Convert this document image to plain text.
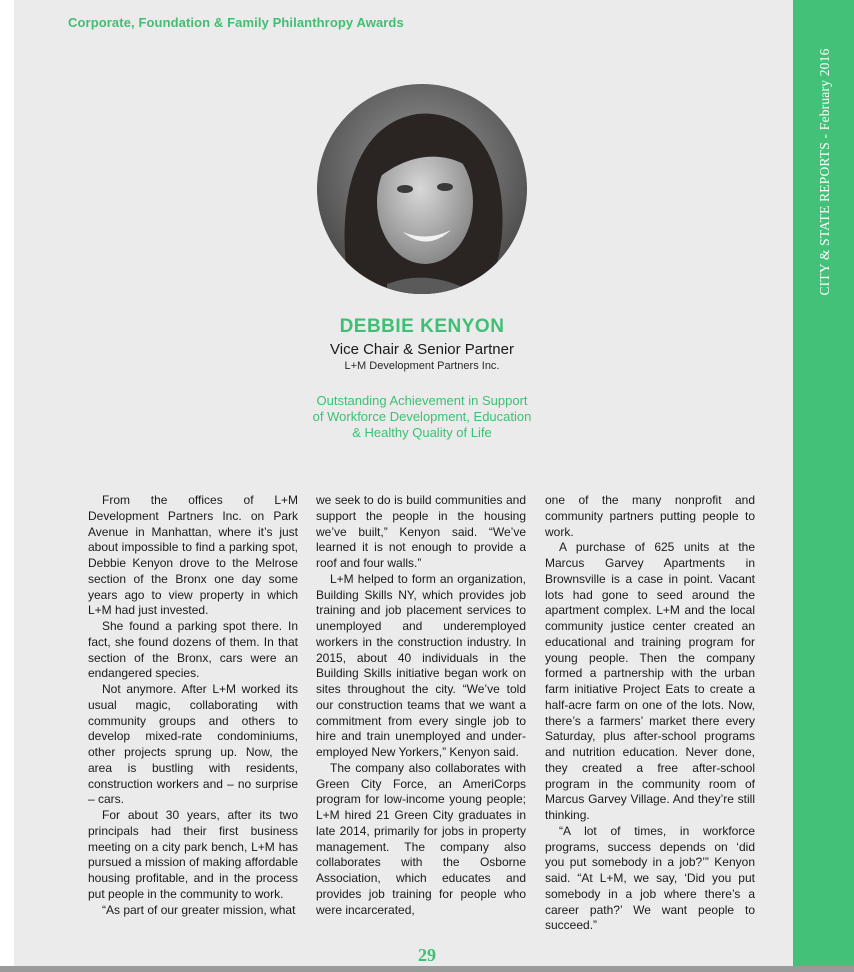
Corporate, Foundation & Family Philanthropy Awards
CITY & STATE REPORTS - February 2016
DEBBIE KENYON
Vice Chair & Senior Partner
L+M Development Partners Inc.
Outstanding Achievement in Support
of Workforce Development, Education
& Healthy Quality of Life

From the offices of L+M Development Partners Inc. on Park Avenue in Manhattan, where it’s just about impossible to find a parking spot, Debbie Kenyon drove to the Melrose section of the Bronx one day some years ago to view property in which L+M had just invested.

She found a parking spot there. In fact, she found dozens of them. In that section of the Bronx, cars were an endangered species.

Not anymore. After L+M worked its usual magic, collaborating with community groups and others to develop mixed-rate condominiums, other projects sprung up. Now, the area is bustling with residents, construction workers and – no surprise – cars.

For about 30 years, after its two principals had their first business meeting on a city park bench, L+M has pursued a mission of making affordable housing profitable, and in the process put people in the community to work.

“As part of our greater mission, what

we seek to do is build communities and support the people in the housing we’ve built,” Kenyon said. “We’ve learned it is not enough to provide a roof and four walls.”

L+M helped to form an organization, Building Skills NY, which provides job training and job placement services to unemployed and underemployed workers in the construction industry. In 2015, about 40 individuals in the Building Skills initiative began work on sites throughout the city. “We’ve told our construction teams that we want a commitment from every single job to hire and train unemployed and under-employed New Yorkers,” Kenyon said.

The company also collaborates with Green City Force, an AmeriCorps program for low-income young people; L+M hired 21 Green City graduates in late 2014, primarily for jobs in property management. The company also collaborates with the Osborne Association, which educates and provides job training for people who were incarcerated,

one of the many nonprofit and community partners putting people to work.

A purchase of 625 units at the Marcus Garvey Apartments in Brownsville is a case in point. Vacant lots had gone to seed around the apartment complex. L+M and the local community justice center created an educational and training program for young people. Then the company formed a partnership with the urban farm initiative Project Eats to create a half-acre farm on one of the lots. Now, there’s a farmers’ market there every Saturday, plus after-school programs and nutrition education. Never done, they created a free after-school program in the community room of Marcus Garvey Village. And they’re still thinking.

“A lot of times, in workforce programs, success depends on ‘did you put somebody in a job?’” Kenyon said. “At L+M, we say, ‘Did you put somebody in a job where there’s a career path?’ We want people to succeed.”

29
